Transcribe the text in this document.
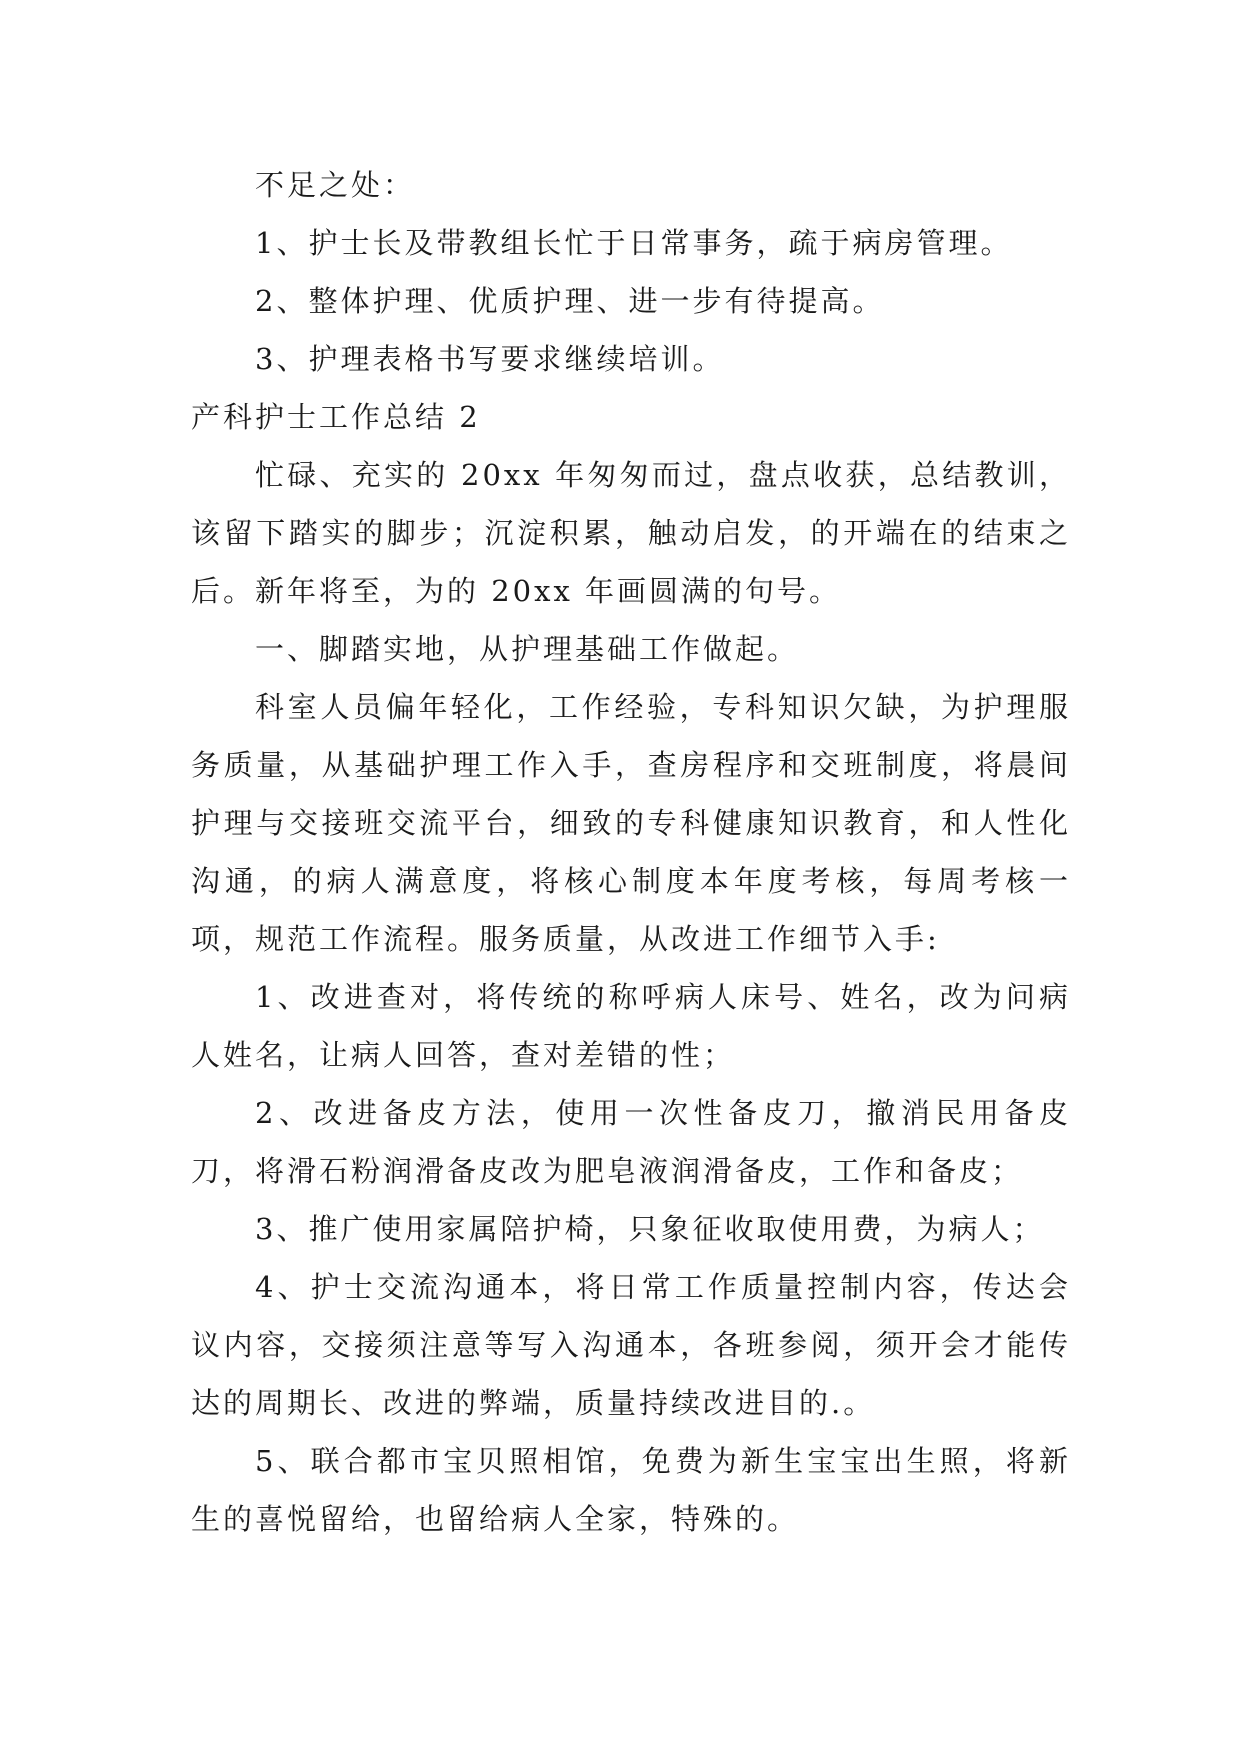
不足之处：

1、护士长及带教组长忙于日常事务，疏于病房管理。

2、整体护理、优质护理、进一步有待提高。

3、护理表格书写要求继续培训。

产科护士工作总结 2

忙碌、充实的 20xx 年匆匆而过，盘点收获，总结教训，该留下踏实的脚步；沉淀积累，触动启发，的开端在的结束之后。新年将至，为的 20xx 年画圆满的句号。

一、脚踏实地，从护理基础工作做起。

科室人员偏年轻化，工作经验，专科知识欠缺，为护理服务质量，从基础护理工作入手，查房程序和交班制度，将晨间护理与交接班交流平台，细致的专科健康知识教育，和人性化沟通，的病人满意度，将核心制度本年度考核，每周考核一项，规范工作流程。服务质量，从改进工作细节入手:

1、改进查对，将传统的称呼病人床号、姓名，改为问病人姓名，让病人回答，查对差错的性；

2、改进备皮方法，使用一次性备皮刀，撤消民用备皮刀，将滑石粉润滑备皮改为肥皂液润滑备皮，工作和备皮；

3、推广使用家属陪护椅，只象征收取使用费，为病人；

4、护士交流沟通本，将日常工作质量控制内容，传达会议内容，交接须注意等写入沟通本，各班参阅，须开会才能传达的周期长、改进的弊端，质量持续改进目的.。

5、联合都市宝贝照相馆，免费为新生宝宝出生照，将新生的喜悦留给，也留给病人全家，特殊的。
